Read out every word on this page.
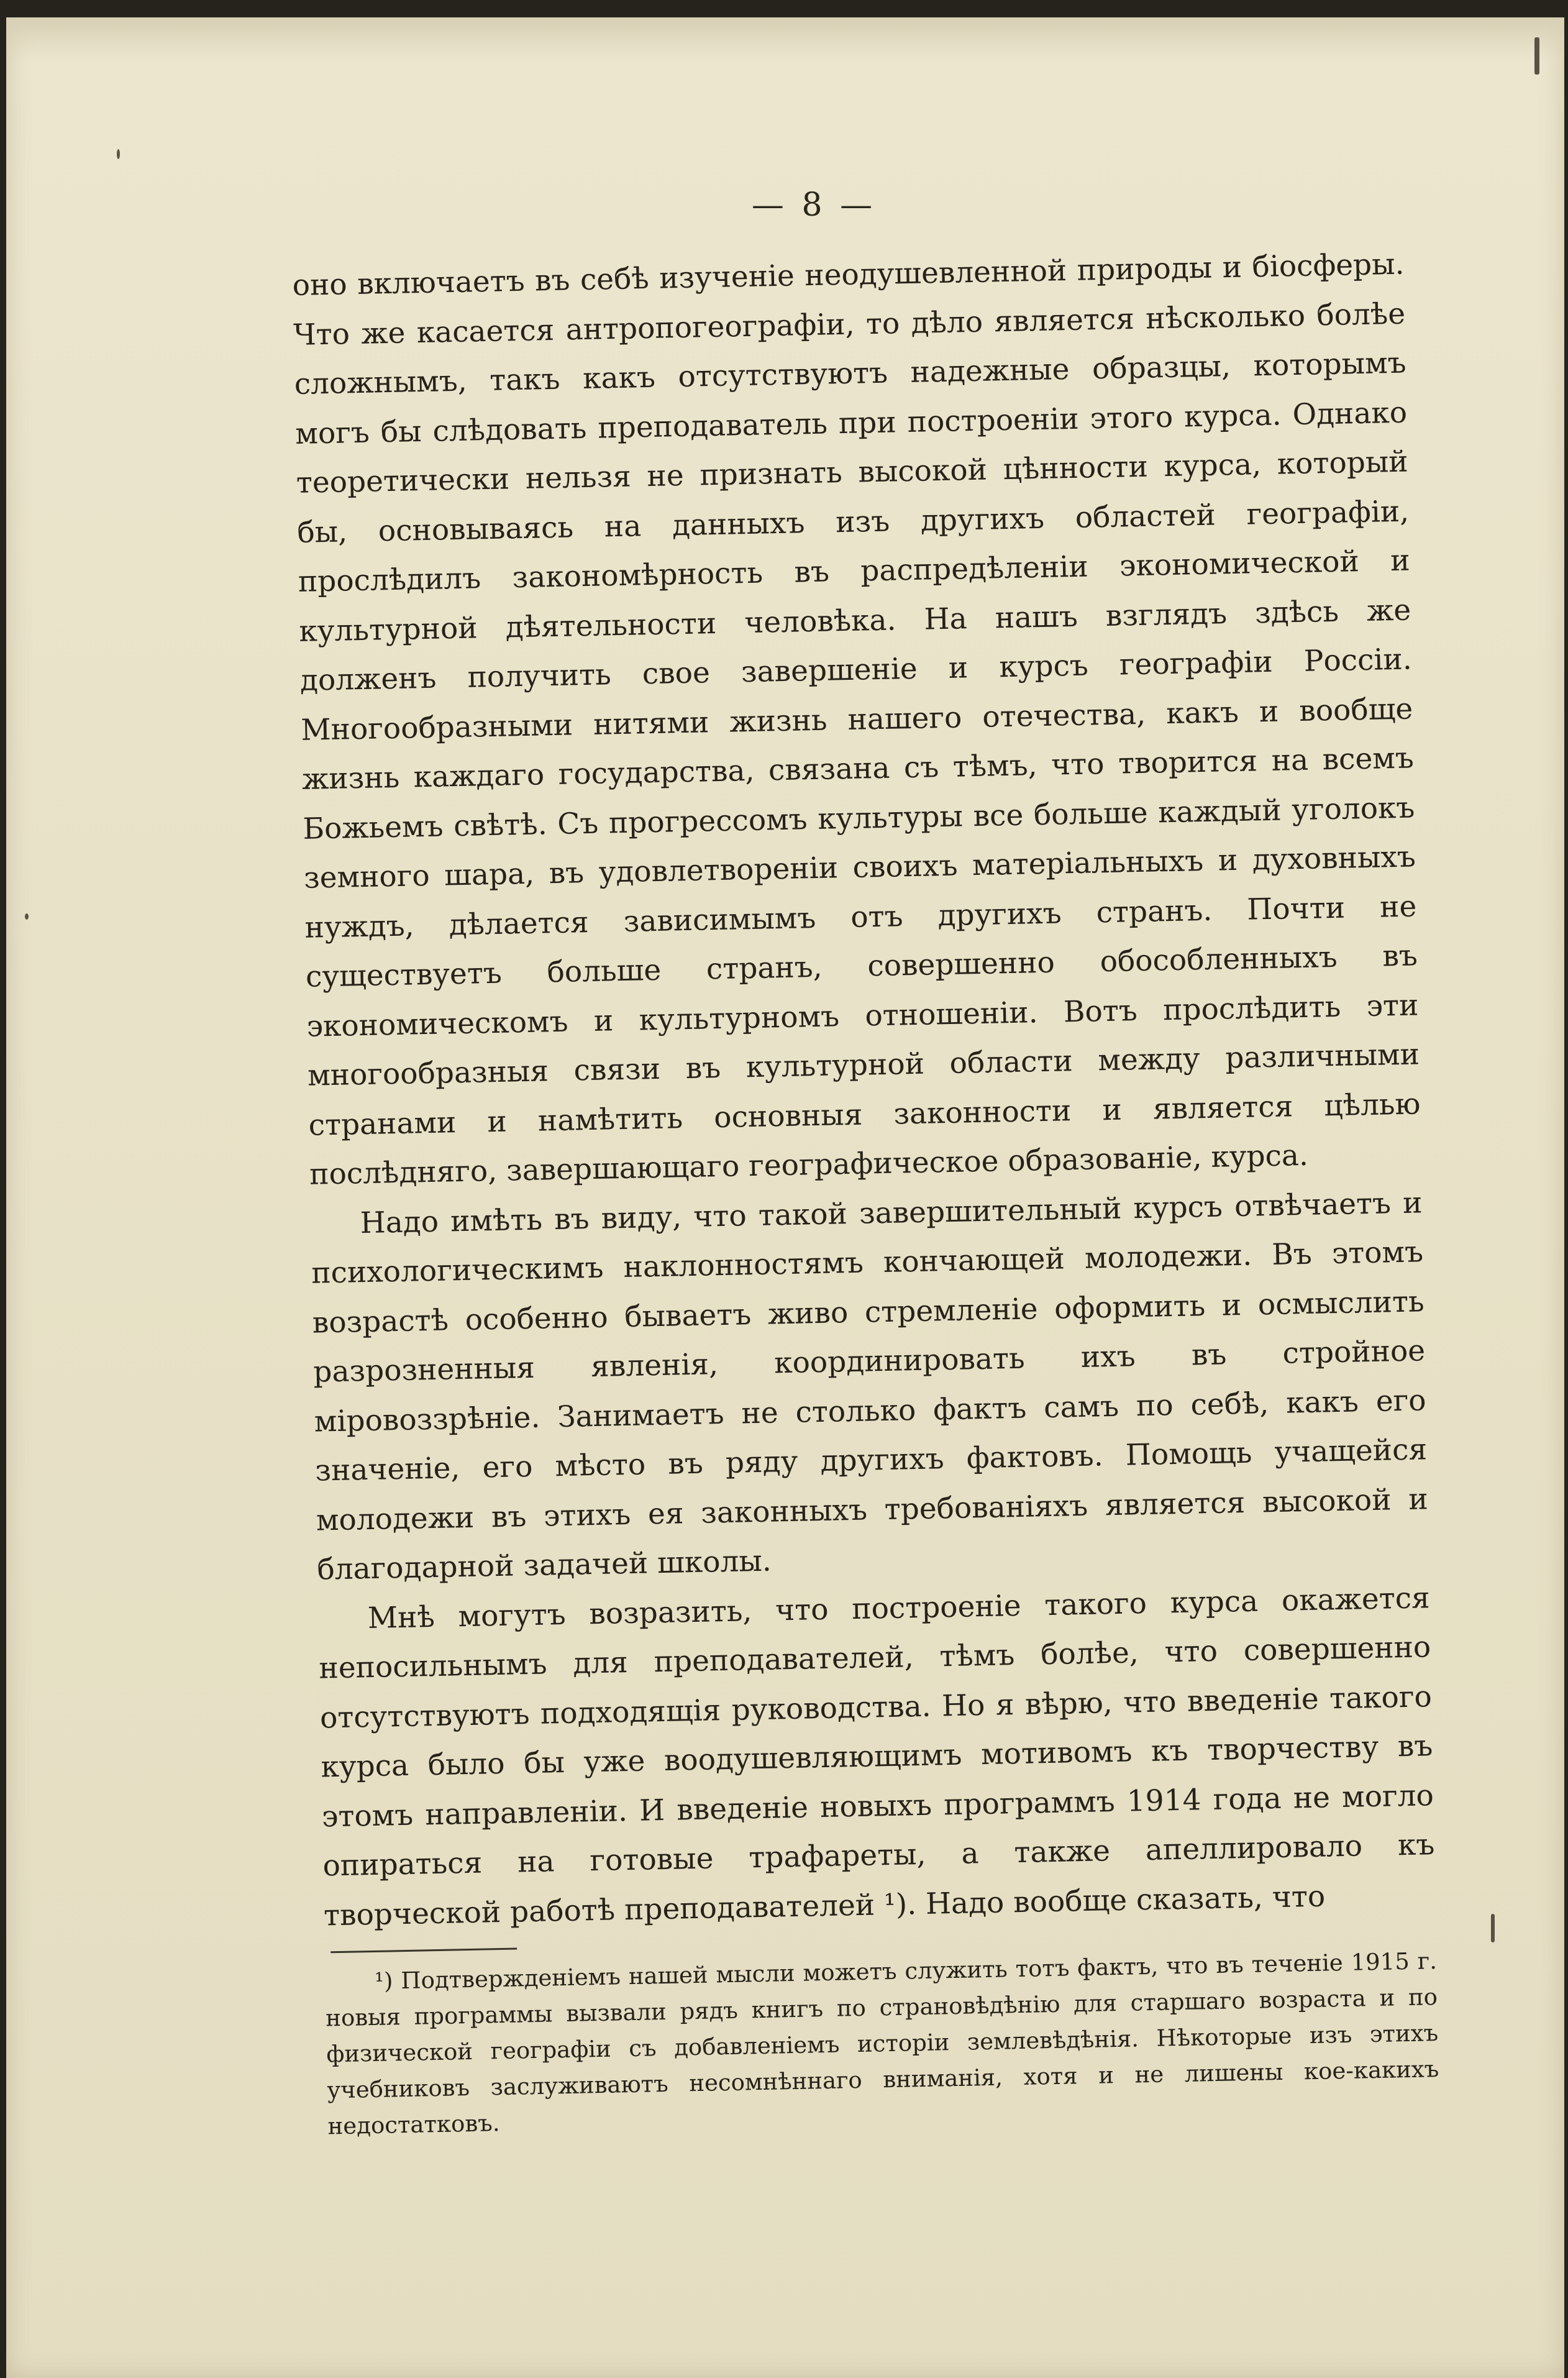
— 8 —

оно включаетъ въ себѣ изученіе неодушевленной природы и біосферы. Что же касается антропогеографіи, то дѣло является нѣсколько болѣе сложнымъ, такъ какъ отсутствуютъ надежные образцы, которымъ могъ бы слѣдовать преподаватель при построеніи этого курса. Однако теоретически нельзя не признать высокой цѣнности курса, который бы, основываясь на данныхъ изъ другихъ областей географіи, прослѣдилъ закономѣрность въ распредѣленіи экономической и культурной дѣятельности человѣка. На нашъ взглядъ здѣсь же долженъ получить свое завершеніе и курсъ географіи Россіи. Многообразными нитями жизнь нашего отечества, какъ и вообще жизнь каждаго государства, связана съ тѣмъ, что творится на всемъ Божьемъ свѣтѣ. Съ прогрессомъ культуры все больше каждый уголокъ земного шара, въ удовлетвореніи своихъ матеріальныхъ и духовныхъ нуждъ, дѣлается зависимымъ отъ другихъ странъ. Почти не существуетъ больше странъ, совершенно обособленныхъ въ экономическомъ и культурномъ отношеніи. Вотъ прослѣдить эти многообразныя связи въ культурной области между различными странами и намѣтить основныя законности и является цѣлью послѣдняго, завершающаго географическое образованіе, курса.

Надо имѣть въ виду, что такой завершительный курсъ отвѣчаетъ и психологическимъ наклонностямъ кончающей молодежи. Въ этомъ возрастѣ особенно бываетъ живо стремленіе оформить и осмыслить разрозненныя явленія, координировать ихъ въ стройное міровоззрѣніе. Занимаетъ не столько фактъ самъ по себѣ, какъ его значеніе, его мѣсто въ ряду другихъ фактовъ. Помощь учащейся молодежи въ этихъ ея законныхъ требованіяхъ является высокой и благодарной задачей школы.

Мнѣ могутъ возразить, что построеніе такого курса окажется непосильнымъ для преподавателей, тѣмъ болѣе, что совершенно отсутствуютъ подходящія руководства. Но я вѣрю, что введеніе такого курса было бы уже воодушевляющимъ мотивомъ къ творчеству въ этомъ направленіи. И введеніе новыхъ программъ 1914 года не могло опираться на готовые трафареты, а также апеллировало къ творческой работѣ преподавателей ¹). Надо вообще сказать, что

¹) Подтвержденіемъ нашей мысли можетъ служить тотъ фактъ, что въ теченіе 1915 г. новыя программы вызвали рядъ книгъ по страновѣдѣнію для старшаго возраста и по физической географіи съ добавленіемъ исторіи землевѣдѣнія. Нѣкоторые изъ этихъ учебниковъ заслуживаютъ несомнѣннаго вниманія, хотя и не лишены кое-какихъ недостатковъ.
